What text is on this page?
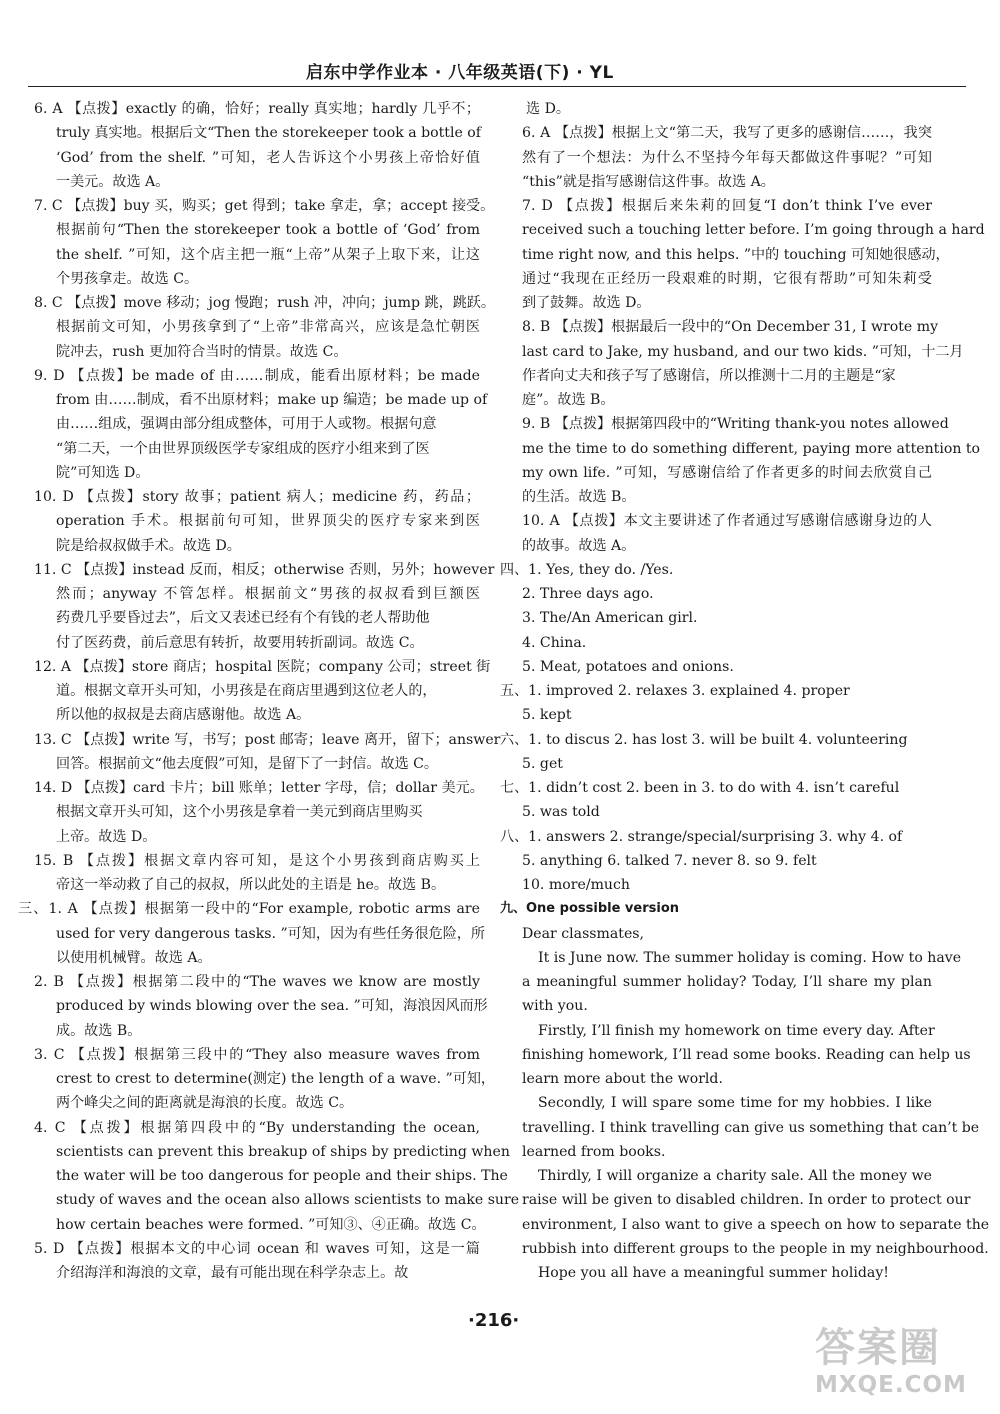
启东中学作业本 · 八年级英语(下) · YL
6. A 【点拨】exactly 的确，恰好；really 真实地；hardly 几乎不；
truly 真实地。根据后文“Then the storekeeper took a bottle of
‘God’ from the shelf. ”可知，老人告诉这个小男孩上帝恰好值
一美元。故选 A。
7. C 【点拨】buy 买，购买；get 得到；take 拿走，拿；accept 接受。
根据前句“Then the storekeeper took a bottle of ‘God’ from
the shelf. ”可知，这个店主把一瓶“上帝”从架子上取下来，让这
个男孩拿走。故选 C。
8. C 【点拨】move 移动；jog 慢跑；rush 冲，冲向；jump 跳，跳跃。
根据前文可知，小男孩拿到了“上帝”非常高兴，应该是急忙朝医
院冲去，rush 更加符合当时的情景。故选 C。
9. D 【点拨】be made of 由……制成，能看出原材料；be made
from 由……制成，看不出原材料；make up 编造；be made up of
由……组成，强调由部分组成整体，可用于人或物。根据句意
“第二天，一个由世界顶级医学专家组成的医疗小组来到了医
院”可知选 D。
10. D 【点拨】story 故事；patient 病人；medicine 药，药品；
operation 手术。根据前句可知，世界顶尖的医疗专家来到医
院是给叔叔做手术。故选 D。
11. C 【点拨】instead 反而，相反；otherwise 否则，另外；however
然而；anyway 不管怎样。根据前文“男孩的叔叔看到巨额医
药费几乎要昏过去”，后文又表述已经有个有钱的老人帮助他
付了医药费，前后意思有转折，故要用转折副词。故选 C。
12. A 【点拨】store 商店；hospital 医院；company 公司；street 街
道。根据文章开头可知，小男孩是在商店里遇到这位老人的，
所以他的叔叔是去商店感谢他。故选 A。
13. C 【点拨】write 写，书写；post 邮寄；leave 离开，留下；answer
回答。根据前文“他去度假”可知，是留下了一封信。故选 C。
14. D 【点拨】card 卡片；bill 账单；letter 字母，信；dollar 美元。
根据文章开头可知，这个小男孩是拿着一美元到商店里购买
上帝。故选 D。
15. B 【点拨】根据文章内容可知，是这个小男孩到商店购买上
帝这一举动救了自己的叔叔，所以此处的主语是 he。故选 B。
三、1. A 【点拨】根据第一段中的“For example, robotic arms are
used for very dangerous tasks. ”可知，因为有些任务很危险，所
以使用机械臂。故选 A。
2. B 【点拨】根据第二段中的“The waves we know are mostly
produced by winds blowing over the sea. ”可知，海浪因风而形
成。故选 B。
3. C 【点拨】根据第三段中的“They also measure waves from
crest to crest to determine(测定) the length of a wave. ”可知，
两个峰尖之间的距离就是海浪的长度。故选 C。
4. C 【点拨】根据第四段中的“By understanding the ocean,
scientists can prevent this breakup of ships by predicting when
the water will be too dangerous for people and their ships. The
study of waves and the ocean also allows scientists to make sure
how certain beaches were formed. ”可知③、④正确。故选 C。
5. D 【点拨】根据本文的中心词 ocean 和 waves 可知，这是一篇
介绍海洋和海浪的文章，最有可能出现在科学杂志上。故
选 D。
6. A 【点拨】根据上文“第二天，我写了更多的感谢信……，我突
然有了一个想法：为什么不坚持今年每天都做这件事呢？”可知
“this”就是指写感谢信这件事。故选 A。
7. D 【点拨】根据后来朱莉的回复“I don’t think I’ve ever
received such a touching letter before. I’m going through a hard
time right now, and this helps. ”中的 touching 可知她很感动，
通过“我现在正经历一段艰难的时期，它很有帮助”可知朱莉受
到了鼓舞。故选 D。
8. B 【点拨】根据最后一段中的“On December 31, I wrote my
last card to Jake, my husband, and our two kids. ”可知，十二月
作者向丈夫和孩子写了感谢信，所以推测十二月的主题是“家
庭”。故选 B。
9. B 【点拨】根据第四段中的“Writing thank-you notes allowed
me the time to do something different, paying more attention to
my own life. ”可知，写感谢信给了作者更多的时间去欣赏自己
的生活。故选 B。
10. A 【点拨】本文主要讲述了作者通过写感谢信感谢身边的人
的故事。故选 A。
四、1. Yes, they do. /Yes.
2. Three days ago.
3. The/An American girl.
4. China.
5. Meat, potatoes and onions.
五、1. improved 2. relaxes 3. explained 4. proper
5. kept
六、1. to discus 2. has lost 3. will be built 4. volunteering
5. get
七、1. didn’t cost 2. been in 3. to do with 4. isn’t careful
5. was told
八、1. answers 2. strange/special/surprising 3. why 4. of
5. anything 6. talked 7. never 8. so 9. felt
10. more/much
九、One possible version
Dear classmates,
It is June now. The summer holiday is coming. How to have
a meaningful summer holiday? Today, I’ll share my plan
with you.
Firstly, I’ll finish my homework on time every day. After
finishing homework, I’ll read some books. Reading can help us
learn more about the world.
Secondly, I will spare some time for my hobbies. I like
travelling. I think travelling can give us something that can’t be
learned from books.
Thirdly, I will organize a charity sale. All the money we
raise will be given to disabled children. In order to protect our
environment, I also want to give a speech on how to separate the
rubbish into different groups to the people in my neighbourhood.
Hope you all have a meaningful summer holiday!
·216·
答案圈
MXQE.COM
